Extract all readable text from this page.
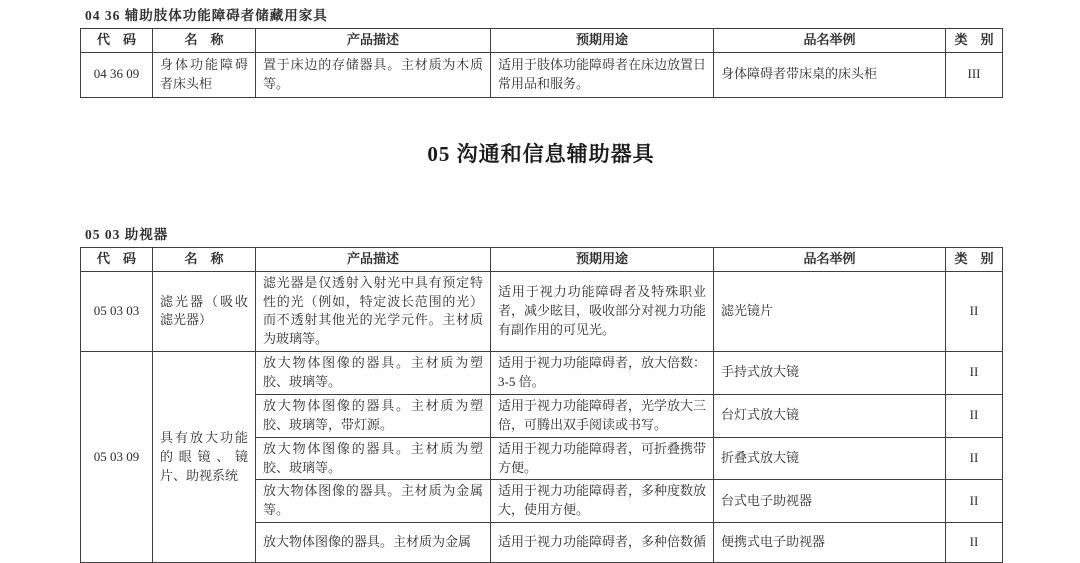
04 36 辅助肢体功能障碍者储藏用家具
代　码	名　称	产品描述	预期用途	品名举例	类　别
04 36 09	身体功能障碍者床头柜	置于床边的存储器具。主材质为木质等。	适用于肢体功能障碍者在床边放置日常用品和服务。	身体障碍者带床桌的床头柜	III
05 沟通和信息辅助器具
05 03 助视器
代　码	名　称	产品描述	预期用途	品名举例	类　别
05 03 03	滤光器（吸收滤光器）	滤光器是仅透射入射光中具有预定特性的光（例如，特定波长范围的光）而不透射其他光的光学元件。主材质为玻璃等。	适用于视力功能障碍者及特殊职业者，减少眩目，吸收部分对视力功能有副作用的可见光。	滤光镜片	II
05 03 09	具有放大功能的眼镜、镜片、助视系统	放大物体图像的器具。主材质为塑胶、玻璃等。	适用于视力功能障碍者，放大倍数：3-5 倍。	手持式放大镜	II
		放大物体图像的器具。主材质为塑胶、玻璃等，带灯源。	适用于视力功能障碍者，光学放大三倍，可腾出双手阅读或书写。	台灯式放大镜	II
		放大物体图像的器具。主材质为塑胶、玻璃等。	适用于视力功能障碍者，可折叠携带方便。	折叠式放大镜	II
		放大物体图像的器具。主材质为金属等。	适用于视力功能障碍者，多种度数放大，使用方便。	台式电子助视器	II
		放大物体图像的器具。主材质为金属	适用于视力功能障碍者，多种倍数循	便携式电子助视器	II
